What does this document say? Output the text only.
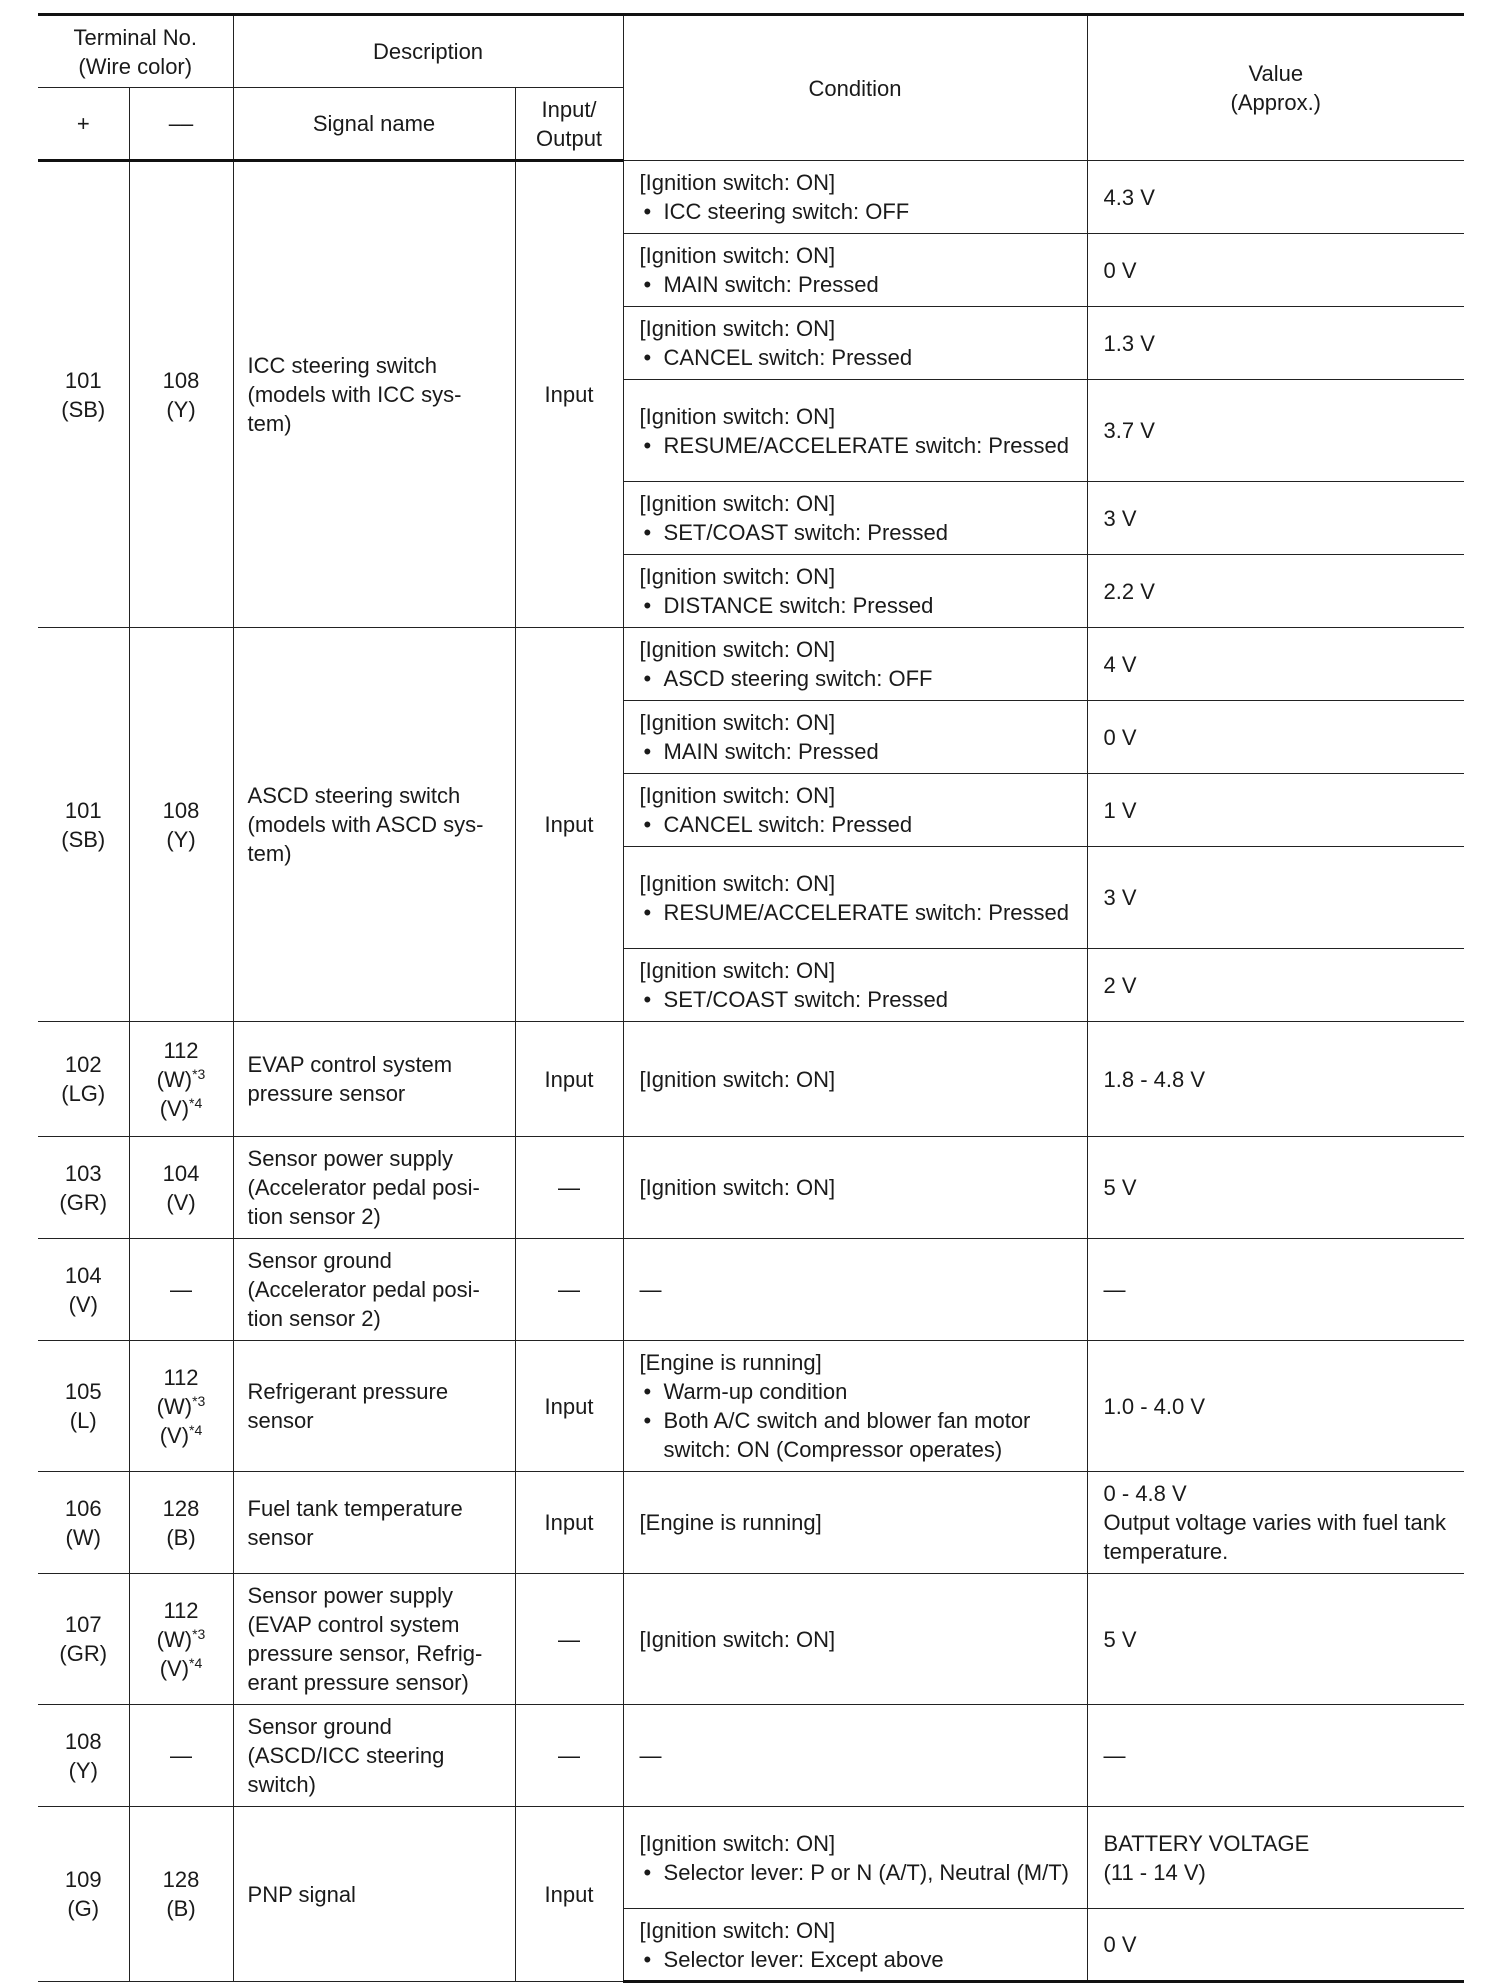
Terminal No.
(Wire color)		Description		Condition	Value
(Approx.)

+	––	Signal name	Input/
Output		

101
(SB)	108
(Y)	ICC steering switch
(models with ICC sys-
tem)	Input	[Ignition switch: ON]
• ICC steering switch: OFF	4.3 V

				[Ignition switch: ON]
• MAIN switch: Pressed	0 V

				[Ignition switch: ON]
• CANCEL switch: Pressed	1.3 V

				[Ignition switch: ON]
• RESUME/ACCELERATE switch: Pressed	3.7 V

				[Ignition switch: ON]
• SET/COAST switch: Pressed	3 V

				[Ignition switch: ON]
• DISTANCE switch: Pressed	2.2 V

101
(SB)	108
(Y)	ASCD steering switch
(models with ASCD sys-
tem)	Input	[Ignition switch: ON]
• ASCD steering switch: OFF	4 V

				[Ignition switch: ON]
• MAIN switch: Pressed	0 V

				[Ignition switch: ON]
• CANCEL switch: Pressed	1 V

				[Ignition switch: ON]
• RESUME/ACCELERATE switch: Pressed	3 V

				[Ignition switch: ON]
• SET/COAST switch: Pressed	2 V

102
(LG)	112
$(W)^{*3}$
$(V)^{*4}$	EVAP control system
pressure sensor	Input	[Ignition switch: ON]	1.8 - 4.8 V

103
(GR)	104
(V)	Sensor power supply
(Accelerator pedal posi-
tion sensor 2)	—	[Ignition switch: ON]	5 V

104
(V)	—	Sensor ground
(Accelerator pedal posi-
tion sensor 2)	—	—	—

105
(L)	112
$(W)^{*3}$
$(V)^{*4}$	Refrigerant pressure
sensor	Input	[Engine is running]
• Warm-up condition
• Both A/C switch and blower fan motor switch: ON (Compressor operates)	1.0 - 4.0 V

106
(W)	128
(B)	Fuel tank temperature
sensor	Input	[Engine is running]	0 - 4.8 V
Output voltage varies with fuel tank temperature.

107
(GR)	112
$(W)^{*3}$
$(V)^{*4}$	Sensor power supply
(EVAP control system
pressure sensor, Refrig-
erant pressure sensor)	—	[Ignition switch: ON]	5 V

108
(Y)	—	Sensor ground
(ASCD/ICC steering
switch)	—	—	—

109
(G)	128
(B)	PNP signal	Input	[Ignition switch: ON]
• Selector lever: P or N (A/T), Neutral (M/T)	BATTERY VOLTAGE
(11 - 14 V)

				[Ignition switch: ON]
• Selector lever: Except above	0 V
